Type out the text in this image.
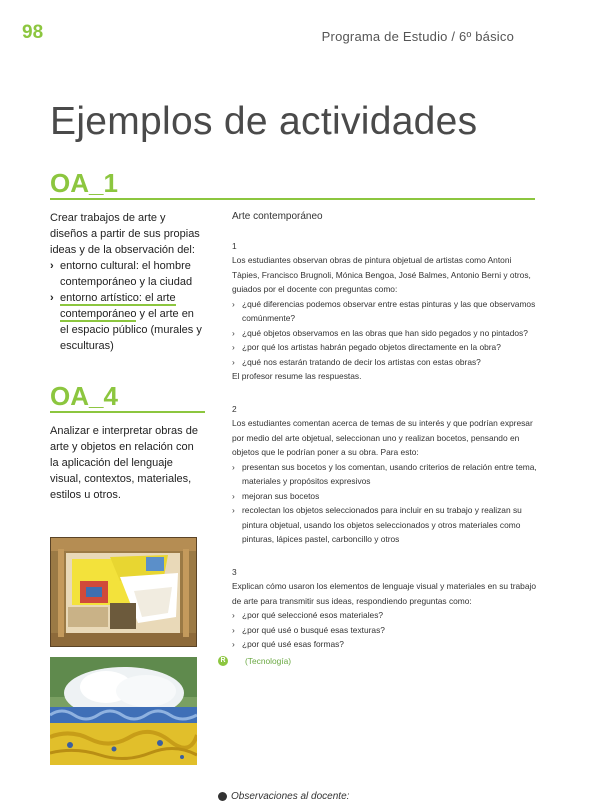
98	Programa de Estudio / 6º básico
Ejemplos de actividades
OA_1

Crear trabajos de arte y diseños a partir de sus propias ideas y de la observación del:

› entorno cultural: el hombre contemporáneo y la ciudad
› entorno artístico: el arte contemporáneo y el arte en el espacio público (murales y esculturas)
OA_4

Analizar e interpretar obras de arte y objetos en relación con la aplicación del lenguaje visual, contextos, materiales, estilos u otros.

Arte contemporáneo

1

Los estudiantes observan obras de pintura objetual de artistas como Antoni Tàpies, Francisco Brugnoli, Mónica Bengoa, José Balmes, Antonio Berni y otros, guiados por el docente con preguntas como:

› ¿qué diferencias podemos observar entre estas pinturas y las que observamos comúnmente?
› ¿qué objetos observamos en las obras que han sido pegados y no pintados?
› ¿por qué los artistas habrán pegado objetos directamente en la obra?
› ¿qué nos estarán tratando de decir los artistas con estas obras?

El profesor resume las respuestas.

2

Los estudiantes comentan acerca de temas de su interés y que podrían expresar por medio del arte objetual, seleccionan uno y realizan bocetos, pensando en objetos que le podrían poner a su obra. Para esto:

› presentan sus bocetos y los comentan, usando criterios de relación entre tema, materiales y propósitos expresivos
› mejoran sus bocetos
› recolectan los objetos seleccionados para incluir en su trabajo y realizan su pintura objetual, usando los objetos seleccionados y otros materiales como pinturas, lápices pastel, carboncillo y otros

3

Explican cómo usaron los elementos de lenguaje visual y materiales en su trabajo de arte para transmitir sus ideas, respondiendo preguntas como:

› ¿por qué seleccioné esos materiales?
› ¿por qué usé o busqué esas texturas?
› ¿por qué usé esas formas?

R (Tecnología)

Observaciones al docente:
